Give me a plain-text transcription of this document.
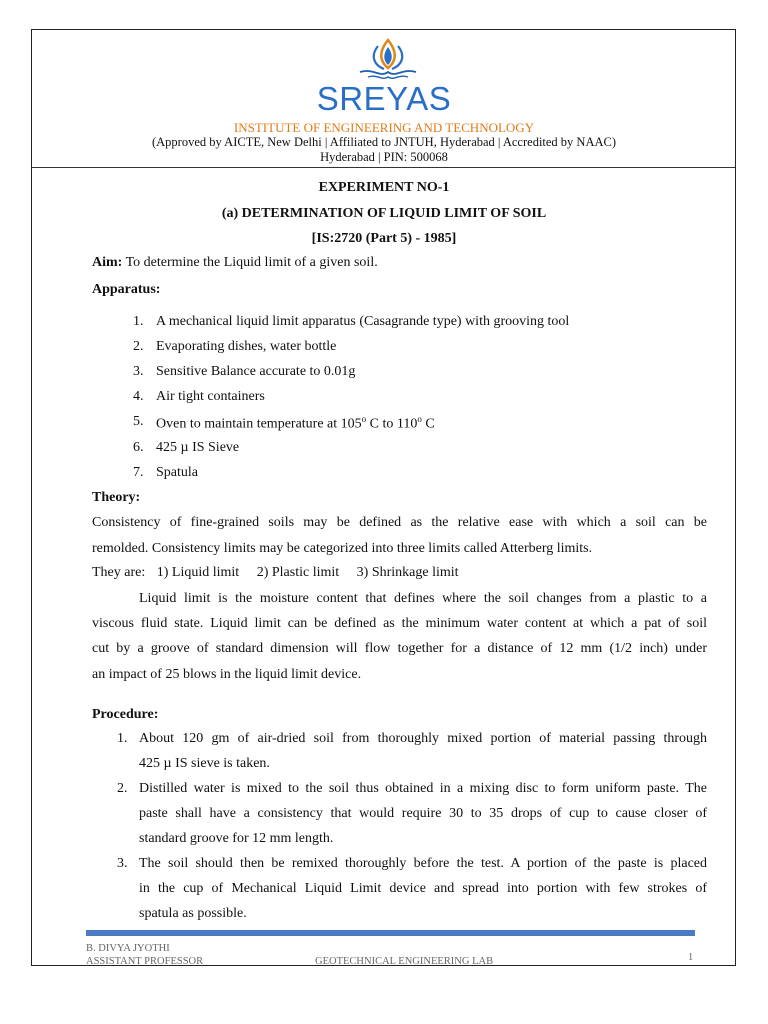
SREYAS
INSTITUTE OF ENGINEERING AND TECHNOLOGY
(Approved by AICTE, New Delhi | Affiliated to JNTUH, Hyderabad | Accredited by NAAC)
Hyderabad | PIN: 500068
EXPERIMENT NO-1
(a) DETERMINATION OF LIQUID LIMIT OF SOIL
[IS:2720 (Part 5) - 1985]
Aim: To determine the Liquid limit of a given soil.
Apparatus:
1. A mechanical liquid limit apparatus (Casagrande type) with grooving tool
2. Evaporating dishes, water bottle
3. Sensitive Balance accurate to 0.01g
4. Air tight containers
5. Oven to maintain temperature at 105$^o$ C to 110$^o$ C
6. 425 µ IS Sieve
7. Spatula
Theory:
Consistency of fine-grained soils may be defined as the relative ease with which a soil can be
remolded. Consistency limits may be categorized into three limits called Atterberg limits.
They are: 1) Liquid limit 2) Plastic limit 3) Shrinkage limit
Liquid limit is the moisture content that defines where the soil changes from a plastic to a
viscous fluid state. Liquid limit can be defined as the minimum water content at which a pat of soil
cut by a groove of standard dimension will flow together for a distance of 12 mm (1/2 inch) under
an impact of 25 blows in the liquid limit device.
Procedure:
1. About 120 gm of air-dried soil from thoroughly mixed portion of material passing through
425 µ IS sieve is taken.
2. Distilled water is mixed to the soil thus obtained in a mixing disc to form uniform paste. The
paste shall have a consistency that would require 30 to 35 drops of cup to cause closer of
standard groove for 12 mm length.
3. The soil should then be remixed thoroughly before the test. A portion of the paste is placed
in the cup of Mechanical Liquid Limit device and spread into portion with few strokes of
spatula as possible.
B. DIVYA JYOTHI
ASSISTANT PROFESSOR	GEOTECHNICAL ENGINEERING LAB	1
